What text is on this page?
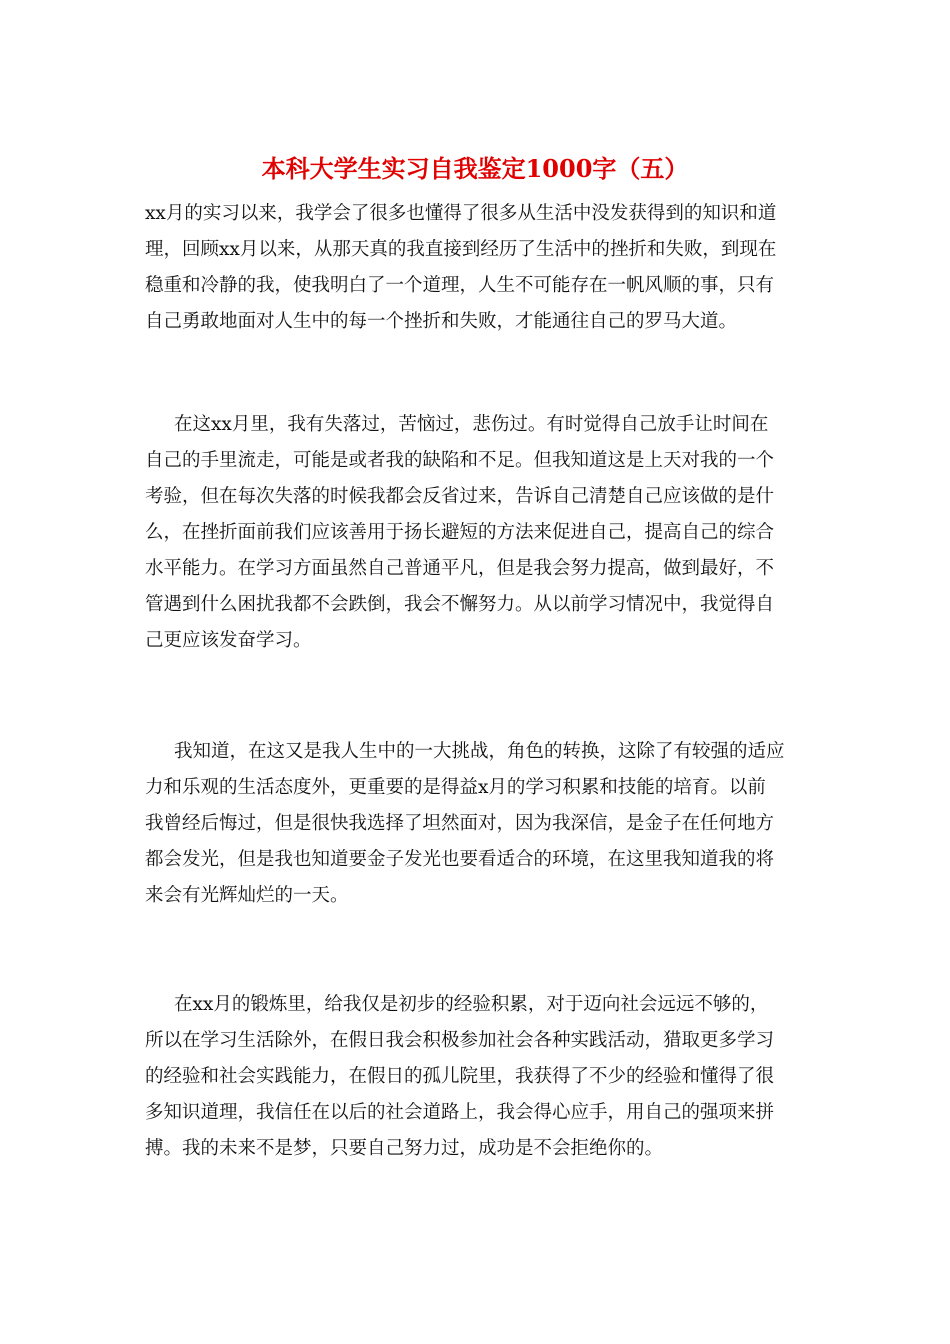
本科大学生实习自我鉴定1000字（五）
xx月的实习以来，我学会了很多也懂得了很多从生活中没发获得到的知识和道
理，回顾xx月以来，从那天真的我直接到经历了生活中的挫折和失败，到现在
稳重和冷静的我，使我明白了一个道理，人生不可能存在一帆风顺的事，只有
自己勇敢地面对人生中的每一个挫折和失败，才能通往自己的罗马大道。
在这xx月里，我有失落过，苦恼过，悲伤过。有时觉得自己放手让时间在
自己的手里流走，可能是或者我的缺陷和不足。但我知道这是上天对我的一个
考验，但在每次失落的时候我都会反省过来，告诉自己清楚自己应该做的是什
么，在挫折面前我们应该善用于扬长避短的方法来促进自己，提高自己的综合
水平能力。在学习方面虽然自己普通平凡，但是我会努力提高，做到最好，不
管遇到什么困扰我都不会跌倒，我会不懈努力。从以前学习情况中，我觉得自
己更应该发奋学习。
我知道，在这又是我人生中的一大挑战，角色的转换，这除了有较强的适应
力和乐观的生活态度外，更重要的是得益x月的学习积累和技能的培育。以前
我曾经后悔过，但是很快我选择了坦然面对，因为我深信，是金子在任何地方
都会发光，但是我也知道要金子发光也要看适合的环境，在这里我知道我的将
来会有光辉灿烂的一天。
在xx月的锻炼里，给我仅是初步的经验积累，对于迈向社会远远不够的，
所以在学习生活除外，在假日我会积极参加社会各种实践活动，猎取更多学习
的经验和社会实践能力，在假日的孤儿院里，我获得了不少的经验和懂得了很
多知识道理，我信任在以后的社会道路上，我会得心应手，用自己的强项来拼
搏。我的未来不是梦，只要自己努力过，成功是不会拒绝你的。
